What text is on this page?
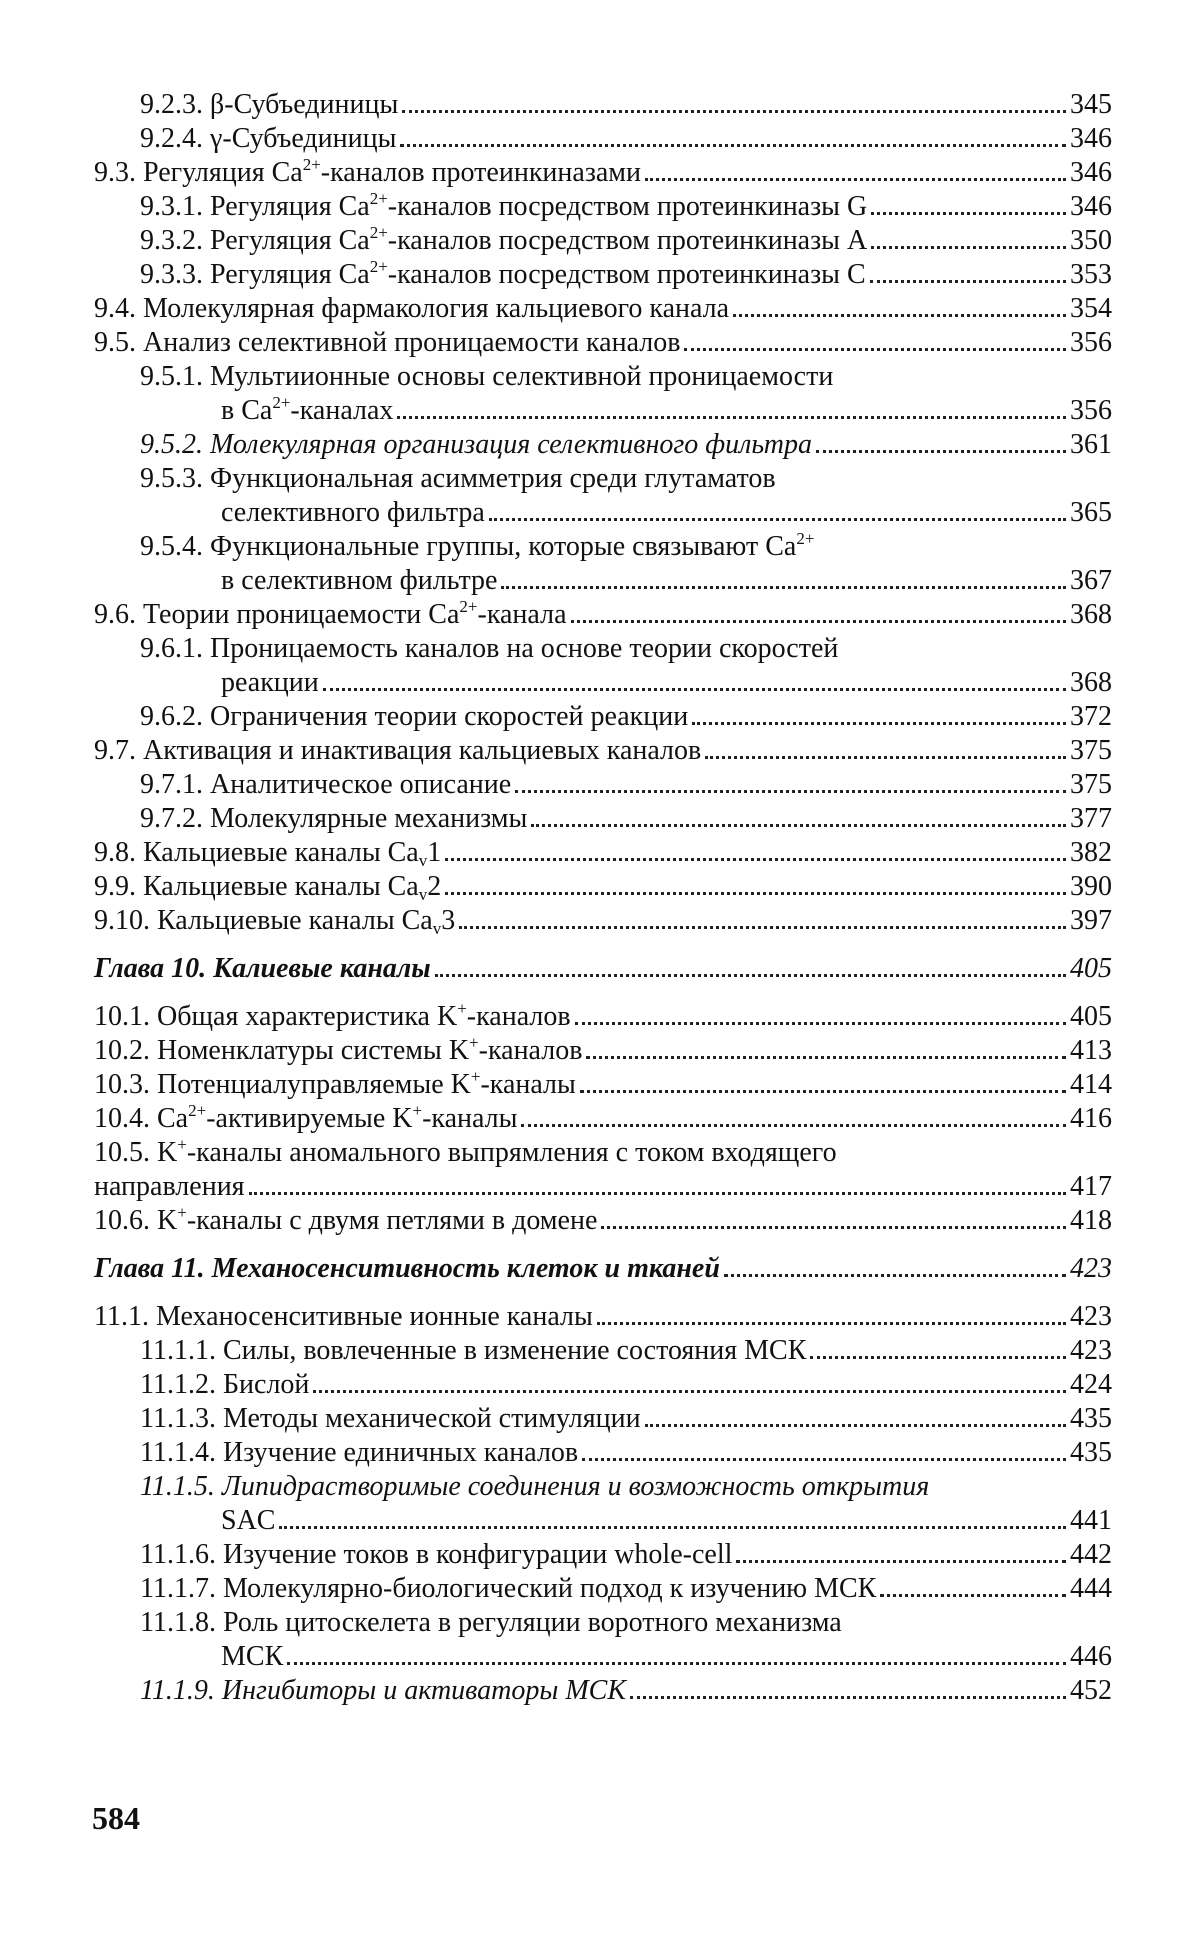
9.2.3. β-Субъединицы	345
9.2.4. γ-Субъединицы	346
9.3. Регуляция $Ca^{2+}$-каналов протеинкиназами	346
9.3.1. Регуляция $Ca^{2+}$-каналов посредством протеинкиназы G	346
9.3.2. Регуляция $Ca^{2+}$-каналов посредством протеинкиназы A	350
9.3.3. Регуляция $Ca^{2+}$-каналов посредством протеинкиназы C	353
9.4. Молекулярная фармакология кальциевого канала	354
9.5. Анализ селективной проницаемости каналов	356
9.5.1. Мультиионные основы селективной проницаемости
в $Ca^{2+}$-каналах	356
9.5.2. Молекулярная организация селективного фильтра	361
9.5.3. Функциональная асимметрия среди глутаматов
селективного фильтра	365
9.5.4. Функциональные группы, которые связывают $Ca^{2+}$
в селективном фильтре	367
9.6. Теории проницаемости $Ca^{2+}$-канала	368
9.6.1. Проницаемость каналов на основе теории скоростей
реакции	368
9.6.2. Ограничения теории скоростей реакции	372
9.7. Активация и инактивация кальциевых каналов	375
9.7.1. Аналитическое описание	375
9.7.2. Молекулярные механизмы	377
9.8. Кальциевые каналы $Ca_v1$	382
9.9. Кальциевые каналы $Ca_v2$	390
9.10. Кальциевые каналы $Ca_v3$	397
Глава 10. Калиевые каналы	405
10.1. Общая характеристика K+-каналов	405
10.2. Номенклатуры системы K+-каналов	413
10.3. Потенциалуправляемые K+-каналы	414
10.4. $Ca^{2+}$-активируемые K+-каналы	416
10.5. K+-каналы аномального выпрямления с током входящего
направления	417
10.6. K+-каналы с двумя петлями в домене	418
Глава 11. Механосенситивность клеток и тканей	423
11.1. Механосенситивные ионные каналы	423
11.1.1. Силы, вовлеченные в изменение состояния МСК	423
11.1.2. Бислой	424
11.1.3. Методы механической стимуляции	435
11.1.4. Изучение единичных каналов	435
11.1.5. Липидрастворимые соединения и возможность открытия
SAC	441
11.1.6. Изучение токов в конфигурации whole-cell	442
11.1.7. Молекулярно-биологический подход к изучению МСК	444
11.1.8. Роль цитоскелета в регуляции воротного механизма
МСК	446
11.1.9. Ингибиторы и активаторы МСК	452
584
